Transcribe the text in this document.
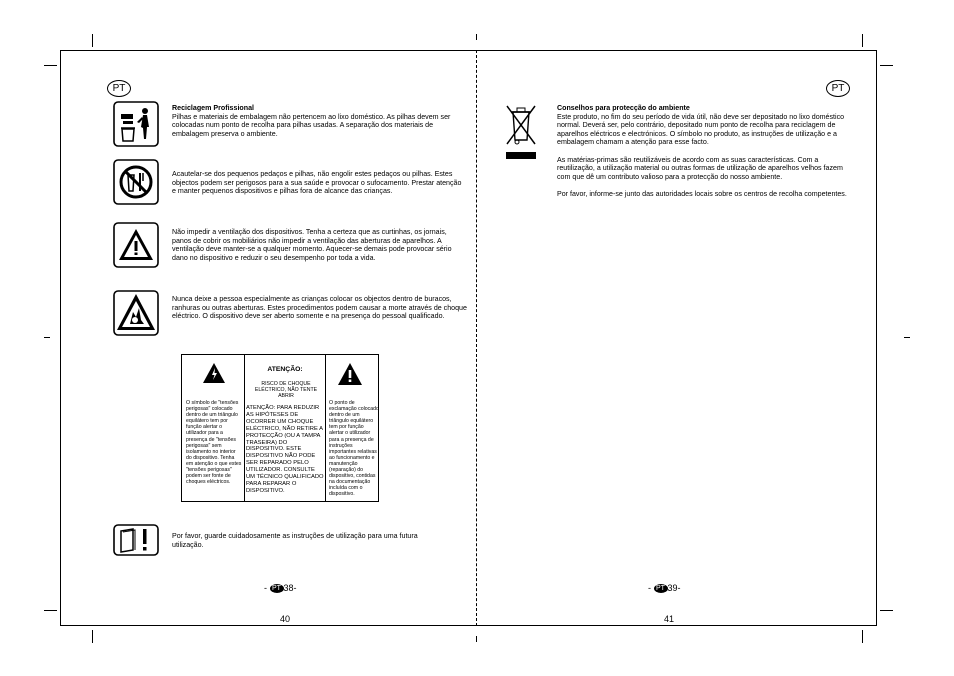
PT
Reciclagem Profissional
Pilhas e materiais de embalagem não pertencem ao lixo doméstico. As pilhas devem ser colocadas num ponto de recolha para pilhas usadas. A separação dos materiais de embalagem preserva o ambiente.
Acautelar-se dos pequenos pedaços e pilhas, não engolir estes pedaços ou pilhas. Estes objectos podem ser perigosos para a sua saúde e provocar o sufocamento. Prestar atenção e manter pequenos dispositivos e pilhas fora de alcance das crianças.
Não impedir a ventilação dos dispositivos. Tenha a certeza que as curtinhas, os jornais, panos de cobrir os mobiliários não impedir a ventilação das aberturas de aparelhos. A ventilação deve manter-se a qualquer momento. Aquecer-se demais pode provocar sério dano no dispositivo e reduzir o seu desempenho por toda a vida.
Nunca deixe a pessoa especialmente as crianças colocar os objectos dentro de buracos, ranhuras ou outras aberturas. Estes procedimentos podem causar a morte através de choque eléctrico. O dispositivo deve ser aberto somente e na presença do pessoal qualificado.
O símbolo de "tensões perigosas" colocado dentro de um triângulo equilátero tem por função alertar o utilizador para a presença de "tensões perigosas" sem isolamento no interior do dispositivo. Tenha em atenção o que estes "tensões perigosas" podem ser fonte de choques eléctricos.
ATENÇÃO:
RISCO DE CHOQUE ELÉCTRICO, NÃO TENTE ABRIR
ATENÇÃO: PARA REDUZIR AS HIPÓTESES DE OCORRER UM CHOQUE ELÉCTRICO, NÃO RETIRE A PROTECÇÃO (OU A TAMPA TRASEIRA) DO DISPOSITIVO. ESTE DISPOSITIVO NÃO PODE SER REPARADO PELO UTILIZADOR. CONSULTE UM TÉCNICO QUALIFICADO PARA REPARAR O DISPOSITIVO.
O ponto de exclamação colocado dentro de um triângulo equilátero tem por função alertar o utilizador para a presença de instruções importantes relativas ao funcionamento e manutenção (reparação) do dispositivo, contidas na documentação incluída com o dispositivo.
Por favor, guarde cuidadosamente as instruções de utilização para uma futura utilização.
- PT 38-
40
PT
Conselhos para protecção do ambiente
Este produto, no fim do seu período de vida útil, não deve ser depositado no lixo doméstico normal. Deverá ser, pelo contrário, depositado num ponto de recolha para reciclagem de aparelhos eléctricos e electrónicos. O símbolo no produto, as instruções de utilização e a embalagem chamam a atenção para esse facto.

As matérias-primas são reutilizáveis de acordo com as suas características. Com a reutilização, a utilização material ou outras formas de utilização de aparelhos velhos fazem com que dê um contributo valioso para a protecção do nosso ambiente.

Por favor, informe-se junto das autoridades locais sobre os centros de recolha competentes.
- PT 39-
41
